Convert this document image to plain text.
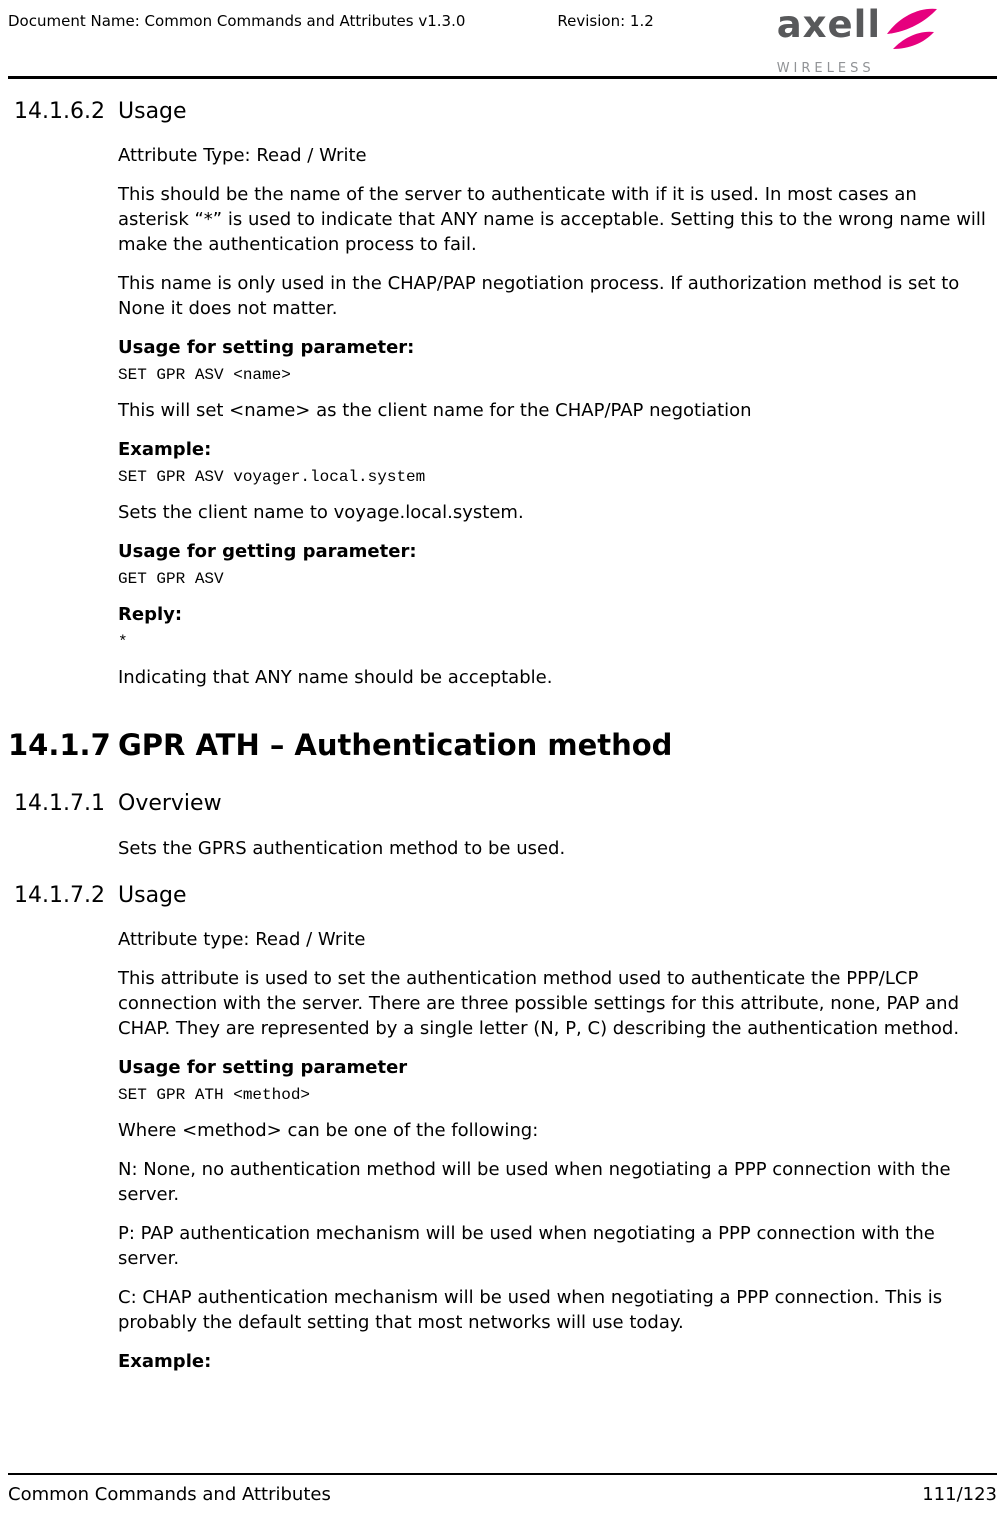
Document Name: Common Commands and Attributes v1.3.0	Revision: 1.2	axell
WIRELESS
14.1.6.2 Usage

Attribute Type: Read / Write

This should be the name of the server to authenticate with if it is used. In most cases an asterisk “*” is used to indicate that ANY name is acceptable. Setting this to the wrong name will make the authentication process to fail.

This name is only used in the CHAP/PAP negotiation process. If authorization method is set to None it does not matter.

Usage for setting parameter:

SET GPR ASV <name>

This will set <name> as the client name for the CHAP/PAP negotiation

Example:

SET GPR ASV voyager.local.system

Sets the client name to voyage.local.system.

Usage for getting parameter:

GET GPR ASV

Reply:

*

Indicating that ANY name should be acceptable.

14.1.7 GPR ATH – Authentication method
14.1.7.1 Overview

Sets the GPRS authentication method to be used.

14.1.7.2 Usage

Attribute type: Read / Write

This attribute is used to set the authentication method used to authenticate the PPP/LCP connection with the server. There are three possible settings for this attribute, none, PAP and CHAP. They are represented by a single letter (N, P, C) describing the authentication method.

Usage for setting parameter

SET GPR ATH <method>

Where <method> can be one of the following:

N: None, no authentication method will be used when negotiating a PPP connection with the server.

P: PAP authentication mechanism will be used when negotiating a PPP connection with the server.

C: CHAP authentication mechanism will be used when negotiating a PPP connection. This is probably the default setting that most networks will use today.

Example:

Common Commands and Attributes	111/123
